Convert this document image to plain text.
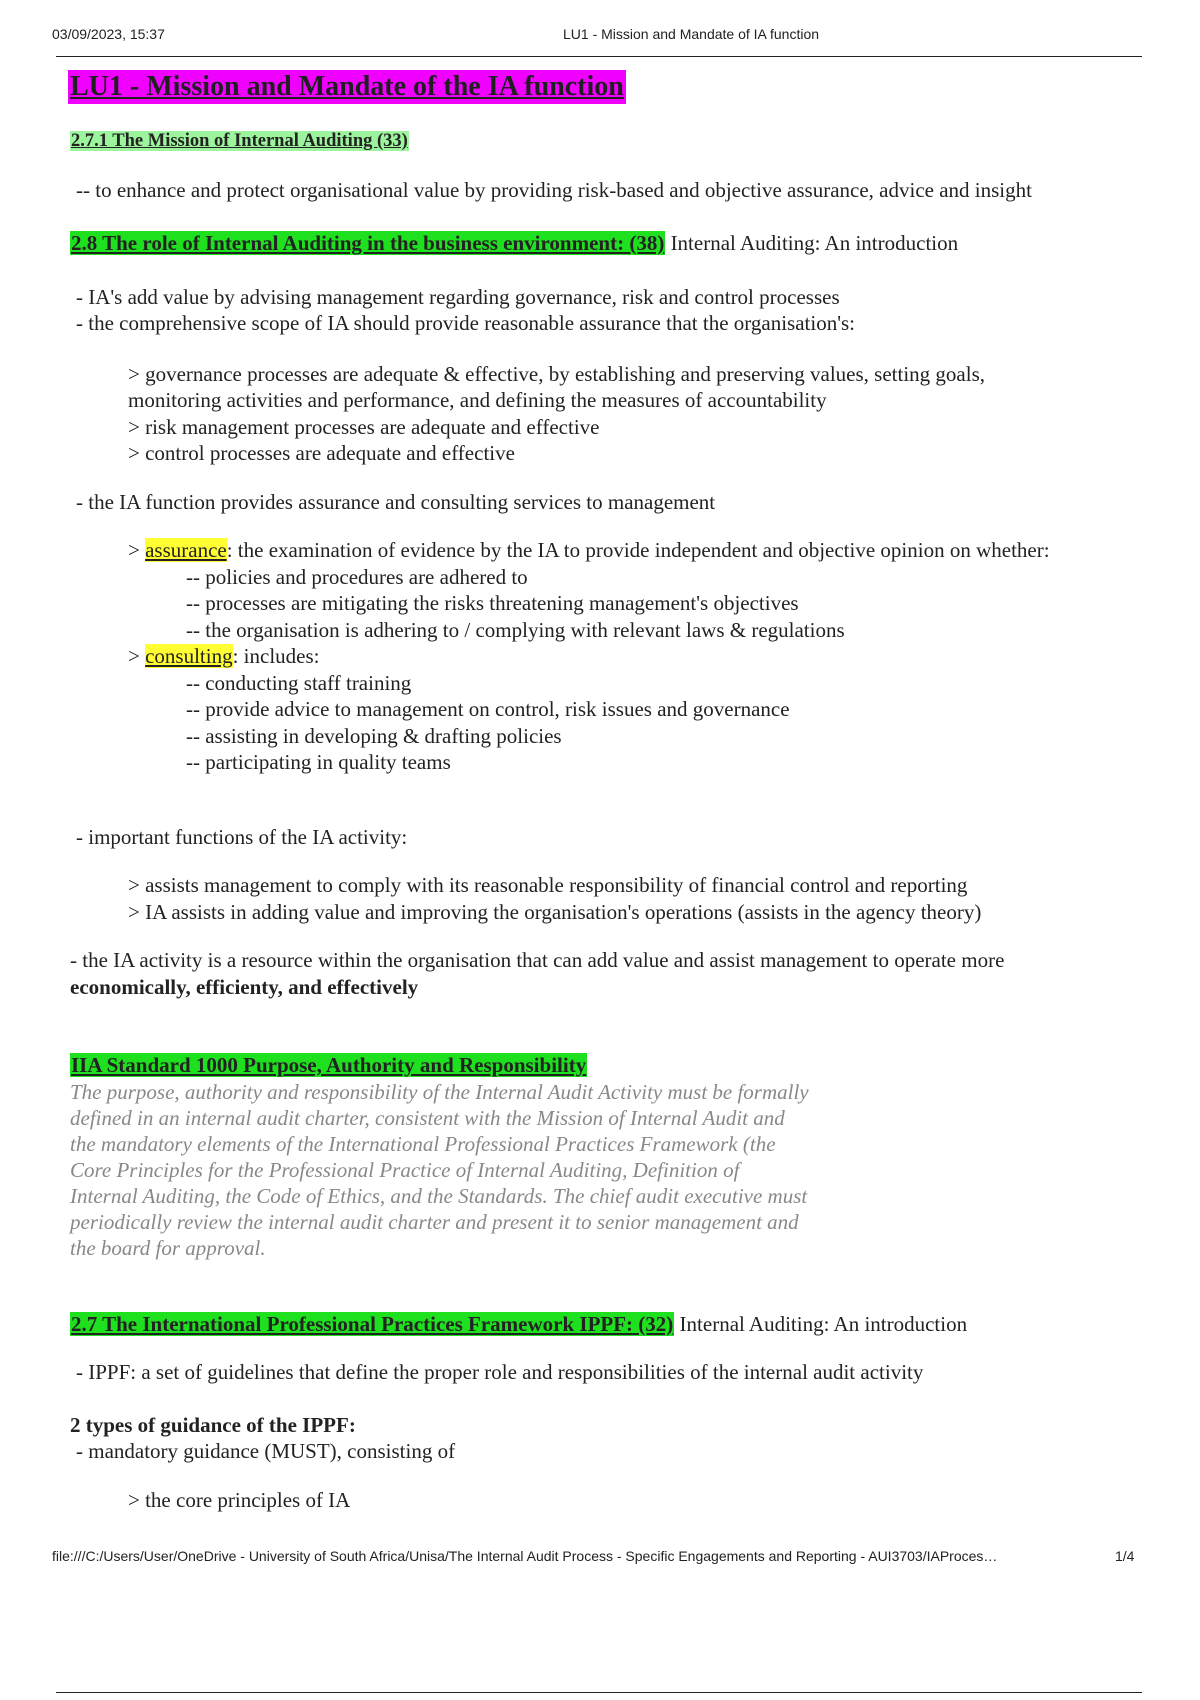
03/09/2023, 15:37	LU1 - Mission and Mandate of IA function

LU1 - Mission and Mandate of the IA function

2.7.1 The Mission of Internal Auditing (33)

-- to enhance and protect organisational value by providing risk-based and objective assurance, advice and insight

2.8 The role of Internal Auditing in the business environment: (38) Internal Auditing: An introduction

- IA's add value by advising management regarding governance, risk and control processes

- the comprehensive scope of IA should provide reasonable assurance that the organisation's:

> governance processes are adequate & effective, by establishing and preserving values, setting goals,

monitoring activities and performance, and defining the measures of accountability

> risk management processes are adequate and effective

> control processes are adequate and effective

- the IA function provides assurance and consulting services to management

> assurance: the examination of evidence by the IA to provide independent and objective opinion on whether:

-- policies and procedures are adhered to

-- processes are mitigating the risks threatening management's objectives

-- the organisation is adhering to / complying with relevant laws & regulations

> consulting: includes:

-- conducting staff training

-- provide advice to management on control, risk issues and governance

-- assisting in developing & drafting policies

-- participating in quality teams

- important functions of the IA activity:

> assists management to comply with its reasonable responsibility of financial control and reporting

> IA assists in adding value and improving the organisation's operations (assists in the agency theory)

- the IA activity is a resource within the organisation that can add value and assist management to operate more

economically, efficienty, and effectively

IIA Standard 1000 Purpose, Authority and Responsibility

The purpose, authority and responsibility of the Internal Audit Activity must be formally defined in an internal audit charter, consistent with the Mission of Internal Audit and the mandatory elements of the International Professional Practices Framework (the Core Principles for the Professional Practice of Internal Auditing, Definition of Internal Auditing, the Code of Ethics, and the Standards. The chief audit executive must periodically review the internal audit charter and present it to senior management and the board for approval.

2.7 The International Professional Practices Framework IPPF: (32) Internal Auditing: An introduction

- IPPF: a set of guidelines that define the proper role and responsibilities of the internal audit activity

2 types of guidance of the IPPF:

- mandatory guidance (MUST), consisting of

> the core principles of IA

file:///C:/Users/User/OneDrive - University of South Africa/Unisa/The Internal Audit Process - Specific Engagements and Reporting - AUI3703/IAProces…	1/4
